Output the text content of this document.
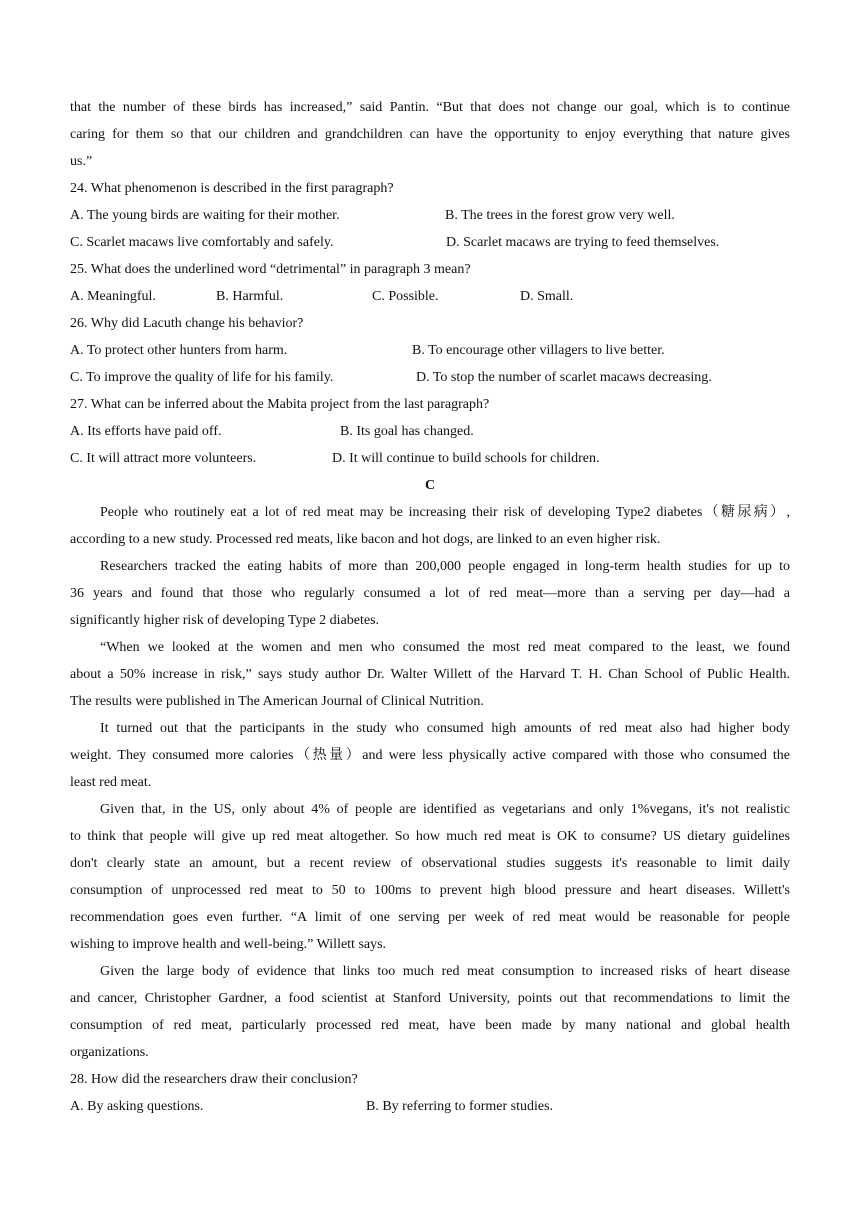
that the number of these birds has increased,” said Pantin. “But that does not change our goal, which is to continue
caring for them so that our children and grandchildren can have the opportunity to enjoy everything that nature gives
us.”
24. What phenomenon is described in the first paragraph?
A. The young birds are waiting for their mother.	B. The trees in the forest grow very well.
C. Scarlet macaws live comfortably and safely.	D. Scarlet macaws are trying to feed themselves.
25. What does the underlined word “detrimental” in paragraph 3 mean?
A. Meaningful.	B. Harmful.	C. Possible.	D. Small.
26. Why did Lacuth change his behavior?
A. To protect other hunters from harm.	B. To encourage other villagers to live better.
C. To improve the quality of life for his family.	D. To stop the number of scarlet macaws decreasing.
27. What can be inferred about the Mabita project from the last paragraph?
A. Its efforts have paid off.	B. Its goal has changed.
C. It will attract more volunteers.	D. It will continue to build schools for children.
C
People who routinely eat a lot of red meat may be increasing their risk of developing Type2 diabetes（糖尿病）,
according to a new study. Processed red meats, like bacon and hot dogs, are linked to an even higher risk.
Researchers tracked the eating habits of more than 200,000 people engaged in long-term health studies for up to
36 years and found that those who regularly consumed a lot of red meat—more than a serving per day—had a
significantly higher risk of developing Type 2 diabetes.
“When we looked at the women and men who consumed the most red meat compared to the least, we found
about a 50% increase in risk,” says study author Dr. Walter Willett of the Harvard T. H. Chan School of Public Health.
The results were published in The American Journal of Clinical Nutrition.
It turned out that the participants in the study who consumed high amounts of red meat also had higher body
weight. They consumed more calories（热量）and were less physically active compared with those who consumed the
least red meat.
Given that, in the US, only about 4% of people are identified as vegetarians and only 1%vegans, it's not realistic
to think that people will give up red meat altogether. So how much red meat is OK to consume? US dietary guidelines
don't clearly state an amount, but a recent review of observational studies suggests it's reasonable to limit daily
consumption of unprocessed red meat to 50 to 100ms to prevent high blood pressure and heart diseases. Willett's
recommendation goes even further. “A limit of one serving per week of red meat would be reasonable for people
wishing to improve health and well-being.” Willett says.
Given the large body of evidence that links too much red meat consumption to increased risks of heart disease
and cancer, Christopher Gardner, a food scientist at Stanford University, points out that recommendations to limit the
consumption of red meat, particularly processed red meat, have been made by many national and global health
organizations.
28. How did the researchers draw their conclusion?
A. By asking questions.	B. By referring to former studies.
